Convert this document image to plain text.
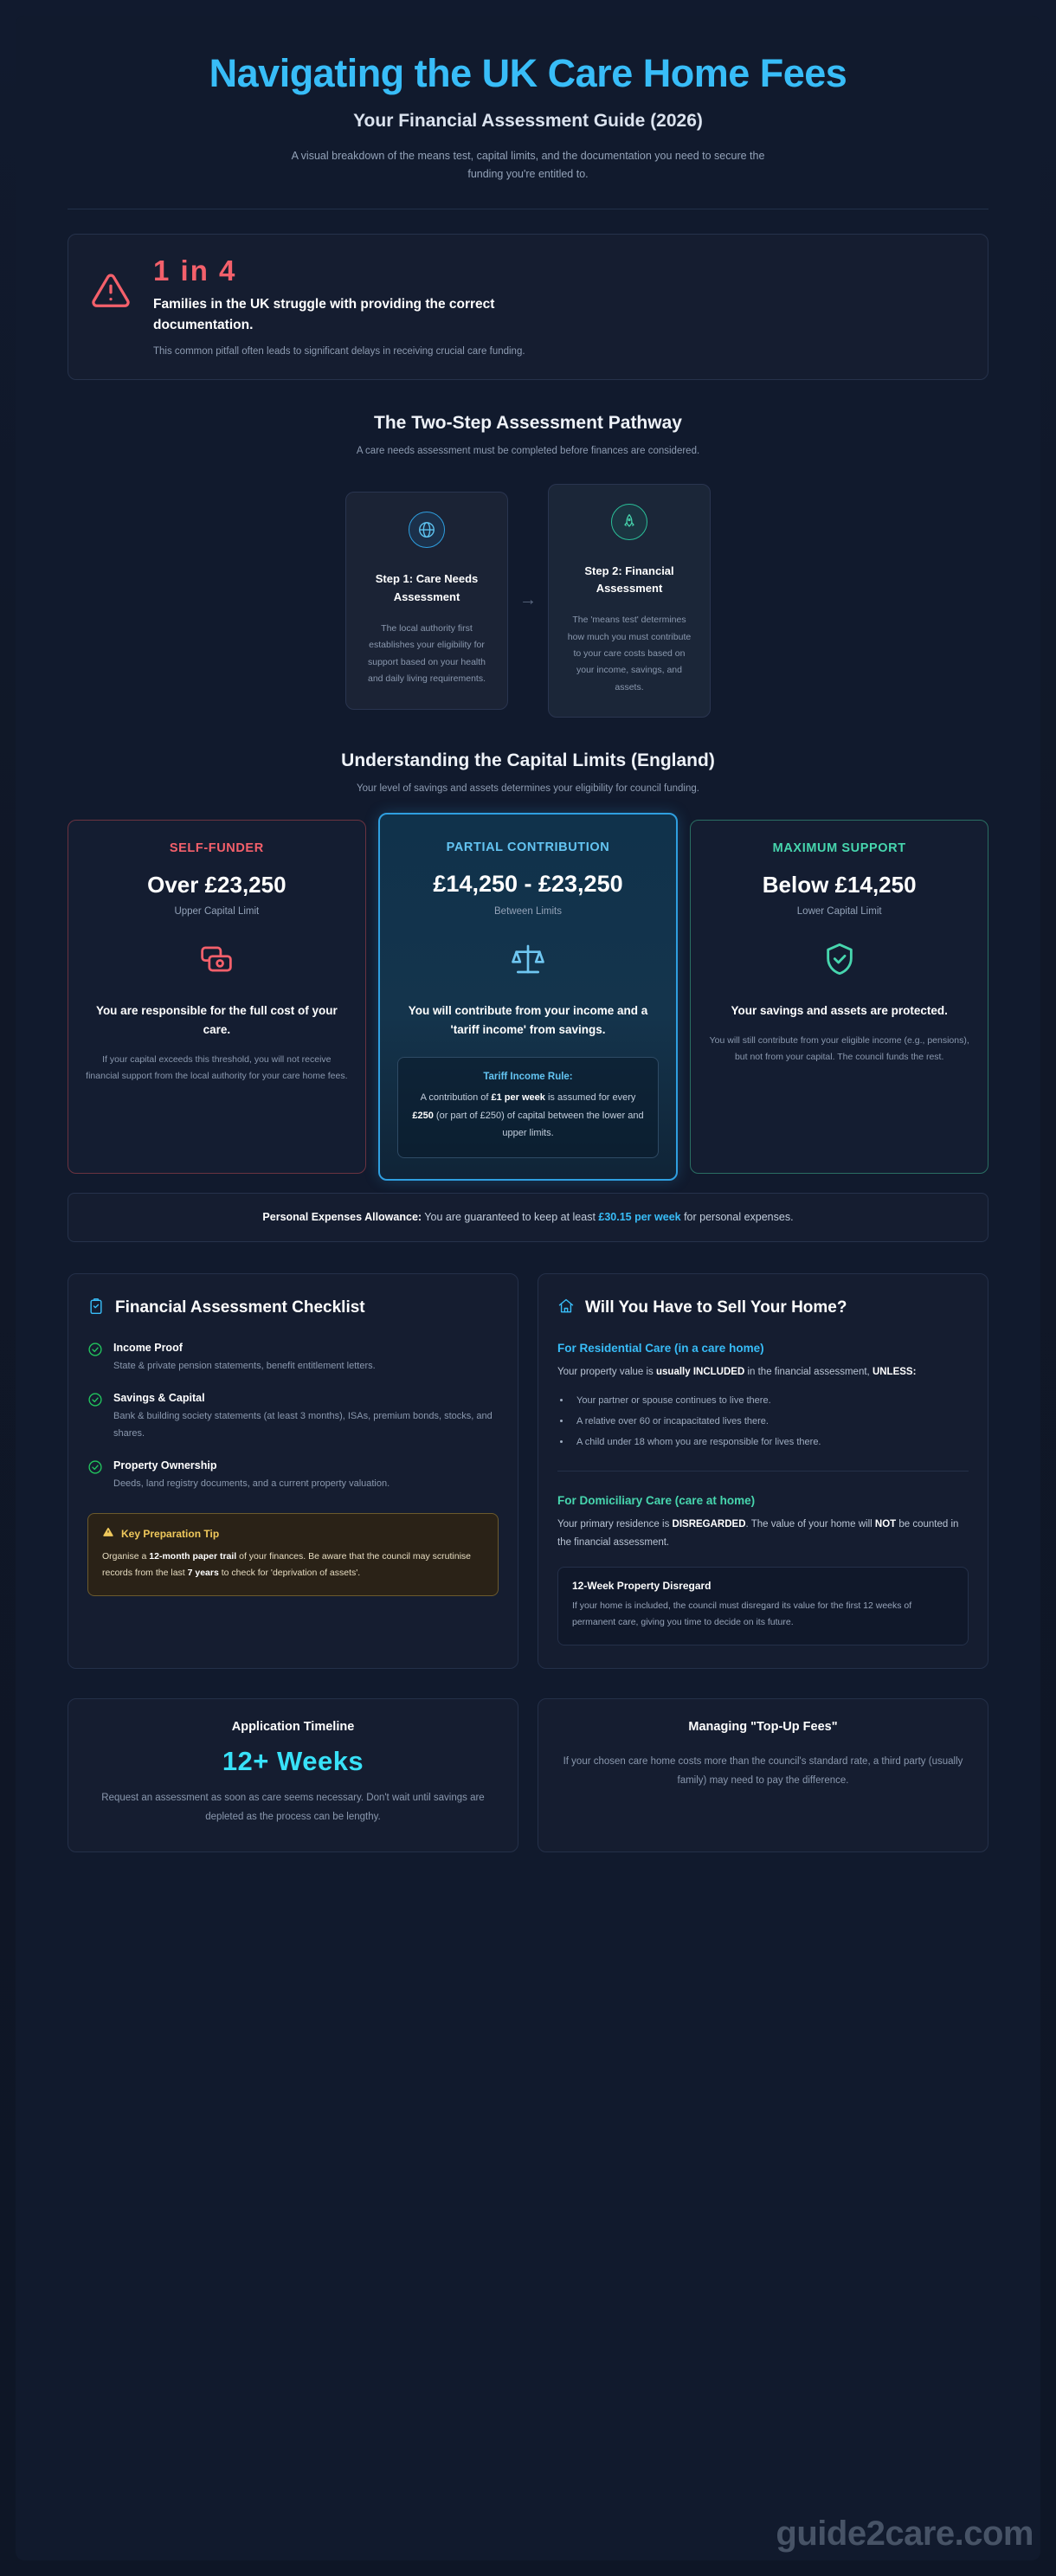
Navigating the UK Care Home Fees
Your Financial Assessment Guide (2026)
A visual breakdown of the means test, capital limits, and the documentation you need to secure the funding you're entitled to.
1 in 4
Families in the UK struggle with providing the correct documentation.
This common pitfall often leads to significant delays in receiving crucial care funding.
The Two-Step Assessment Pathway
A care needs assessment must be completed before finances are considered.
Step 1: Care Needs Assessment
The local authority first establishes your eligibility for support based on your health and daily living requirements.
→
Step 2: Financial Assessment
The 'means test' determines how much you must contribute to your care costs based on your income, savings, and assets.
Understanding the Capital Limits (England)
Your level of savings and assets determines your eligibility for council funding.
SELF-FUNDER
Over £23,250
Upper Capital Limit
You are responsible for the full cost of your care.
If your capital exceeds this threshold, you will not receive financial support from the local authority for your care home fees.
PARTIAL CONTRIBUTION
£14,250 - £23,250
Between Limits
You will contribute from your income and a 'tariff income' from savings.
Tariff Income Rule:
A contribution of £1 per week is assumed for every £250 (or part of £250) of capital between the lower and upper limits.
MAXIMUM SUPPORT
Below £14,250
Lower Capital Limit
Your savings and assets are protected.
You will still contribute from your eligible income (e.g., pensions), but not from your capital. The council funds the rest.
Personal Expenses Allowance: You are guaranteed to keep at least £30.15 per week for personal expenses.
Financial Assessment Checklist
Income Proof
State & private pension statements, benefit entitlement letters.
Savings & Capital
Bank & building society statements (at least 3 months), ISAs, premium bonds, stocks, and shares.
Property Ownership
Deeds, land registry documents, and a current property valuation.
Key Preparation Tip
Organise a 12-month paper trail of your finances. Be aware that the council may scrutinise records from the last 7 years to check for 'deprivation of assets'.
Will You Have to Sell Your Home?
For Residential Care (in a care home)
Your property value is usually INCLUDED in the financial assessment, UNLESS:
• Your partner or spouse continues to live there.
• A relative over 60 or incapacitated lives there.
• A child under 18 whom you are responsible for lives there.
For Domiciliary Care (care at home)
Your primary residence is DISREGARDED. The value of your home will NOT be counted in the financial assessment.
12-Week Property Disregard
If your home is included, the council must disregard its value for the first 12 weeks of permanent care, giving you time to decide on its future.
Application Timeline
12+ Weeks
Request an assessment as soon as care seems necessary. Don't wait until savings are depleted as the process can be lengthy.
Managing "Top-Up Fees"
If your chosen care home costs more than the council's standard rate, a third party (usually family) may need to pay the difference.
guide2care.com
